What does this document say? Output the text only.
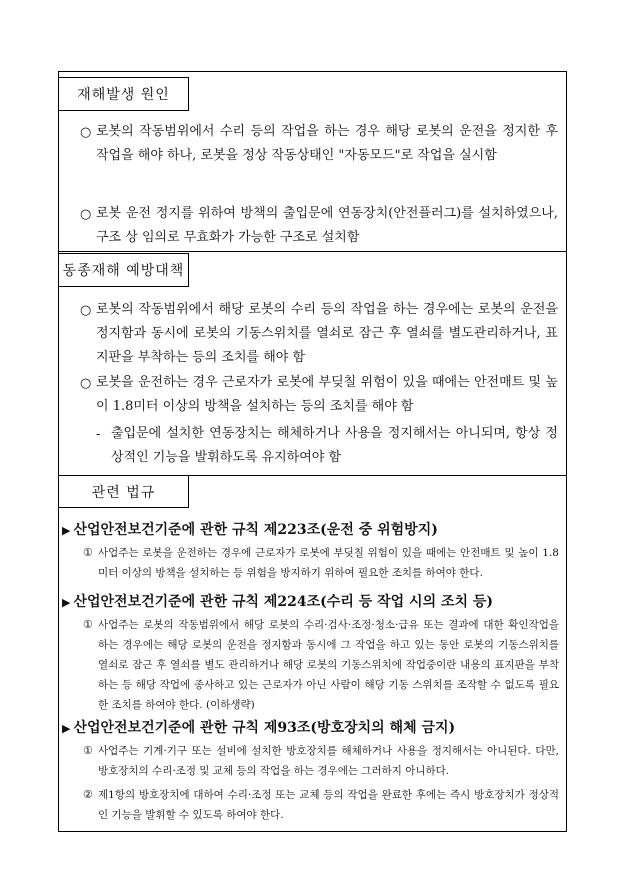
재해발생 원인
○ 로봇의 작동범위에서 수리 등의 작업을 하는 경우 해당 로봇의 운전을 정지한 후 작업을 해야 하나, 로봇을 정상 작동상태인 "자동모드"로 작업을 실시함
○ 로봇 운전 정지를 위하여 방책의 출입문에 연동장치(안전플러그)를 설치하였으나, 구조 상 임의로 무효화가 가능한 구조로 설치함
동종재해 예방대책
○ 로봇의 작동범위에서 해당 로봇의 수리 등의 작업을 하는 경우에는 로봇의 운전을 정지함과 동시에 로봇의 기동스위치를 열쇠로 잠근 후 열쇠를 별도관리하거나, 표지판을 부착하는 등의 조치를 해야 함
○ 로봇을 운전하는 경우 근로자가 로봇에 부딪칠 위험이 있을 때에는 안전매트 및 높이 1.8미터 이상의 방책을 설치하는 등의 조치를 해야 함
- 출입문에 설치한 연동장치는 해체하거나 사용을 정지해서는 아니되며, 항상 정상적인 기능을 발휘하도록 유지하여야 함
관련 법규
▶ 산업안전보건기준에 관한 규칙 제223조(운전 중 위험방지)
① 사업주는 로봇을 운전하는 경우에 근로자가 로봇에 부딪칠 위험이 있을 때에는 안전매트 및 높이 1.8미터 이상의 방책을 설치하는 등 위험을 방지하기 위하여 필요한 조치를 하여야 한다.
▶ 산업안전보건기준에 관한 규칙 제224조(수리 등 작업 시의 조치 등)
① 사업주는 로봇의 작동범위에서 해당 로봇의 수리·검사·조정·청소·급유 또는 결과에 대한 확인작업을 하는 경우에는 해당 로봇의 운전을 정지함과 동시에 그 작업을 하고 있는 동안 로봇의 기동스위치를 열쇠로 잠근 후 열쇠를 별도 관리하거나 해당 로봇의 기동스위치에 작업중이란 내용의 표지판을 부착하는 등 해당 작업에 종사하고 있는 근로자가 아닌 사람이 해당 기동 스위치를 조작할 수 없도록 필요한 조치를 하여야 한다. (이하생략)
▶ 산업안전보건기준에 관한 규칙 제93조(방호장치의 해체 금지)
① 사업주는 기계·기구 또는 설비에 설치한 방호장치를 해체하거나 사용을 정지해서는 아니된다. 다만, 방호장치의 수리·조정 및 교체 등의 작업을 하는 경우에는 그러하지 아니하다.
② 제1항의 방호장치에 대하여 수리·조정 또는 교체 등의 작업을 완료한 후에는 즉시 방호장치가 정상적인 기능을 발휘할 수 있도록 하여야 한다.
